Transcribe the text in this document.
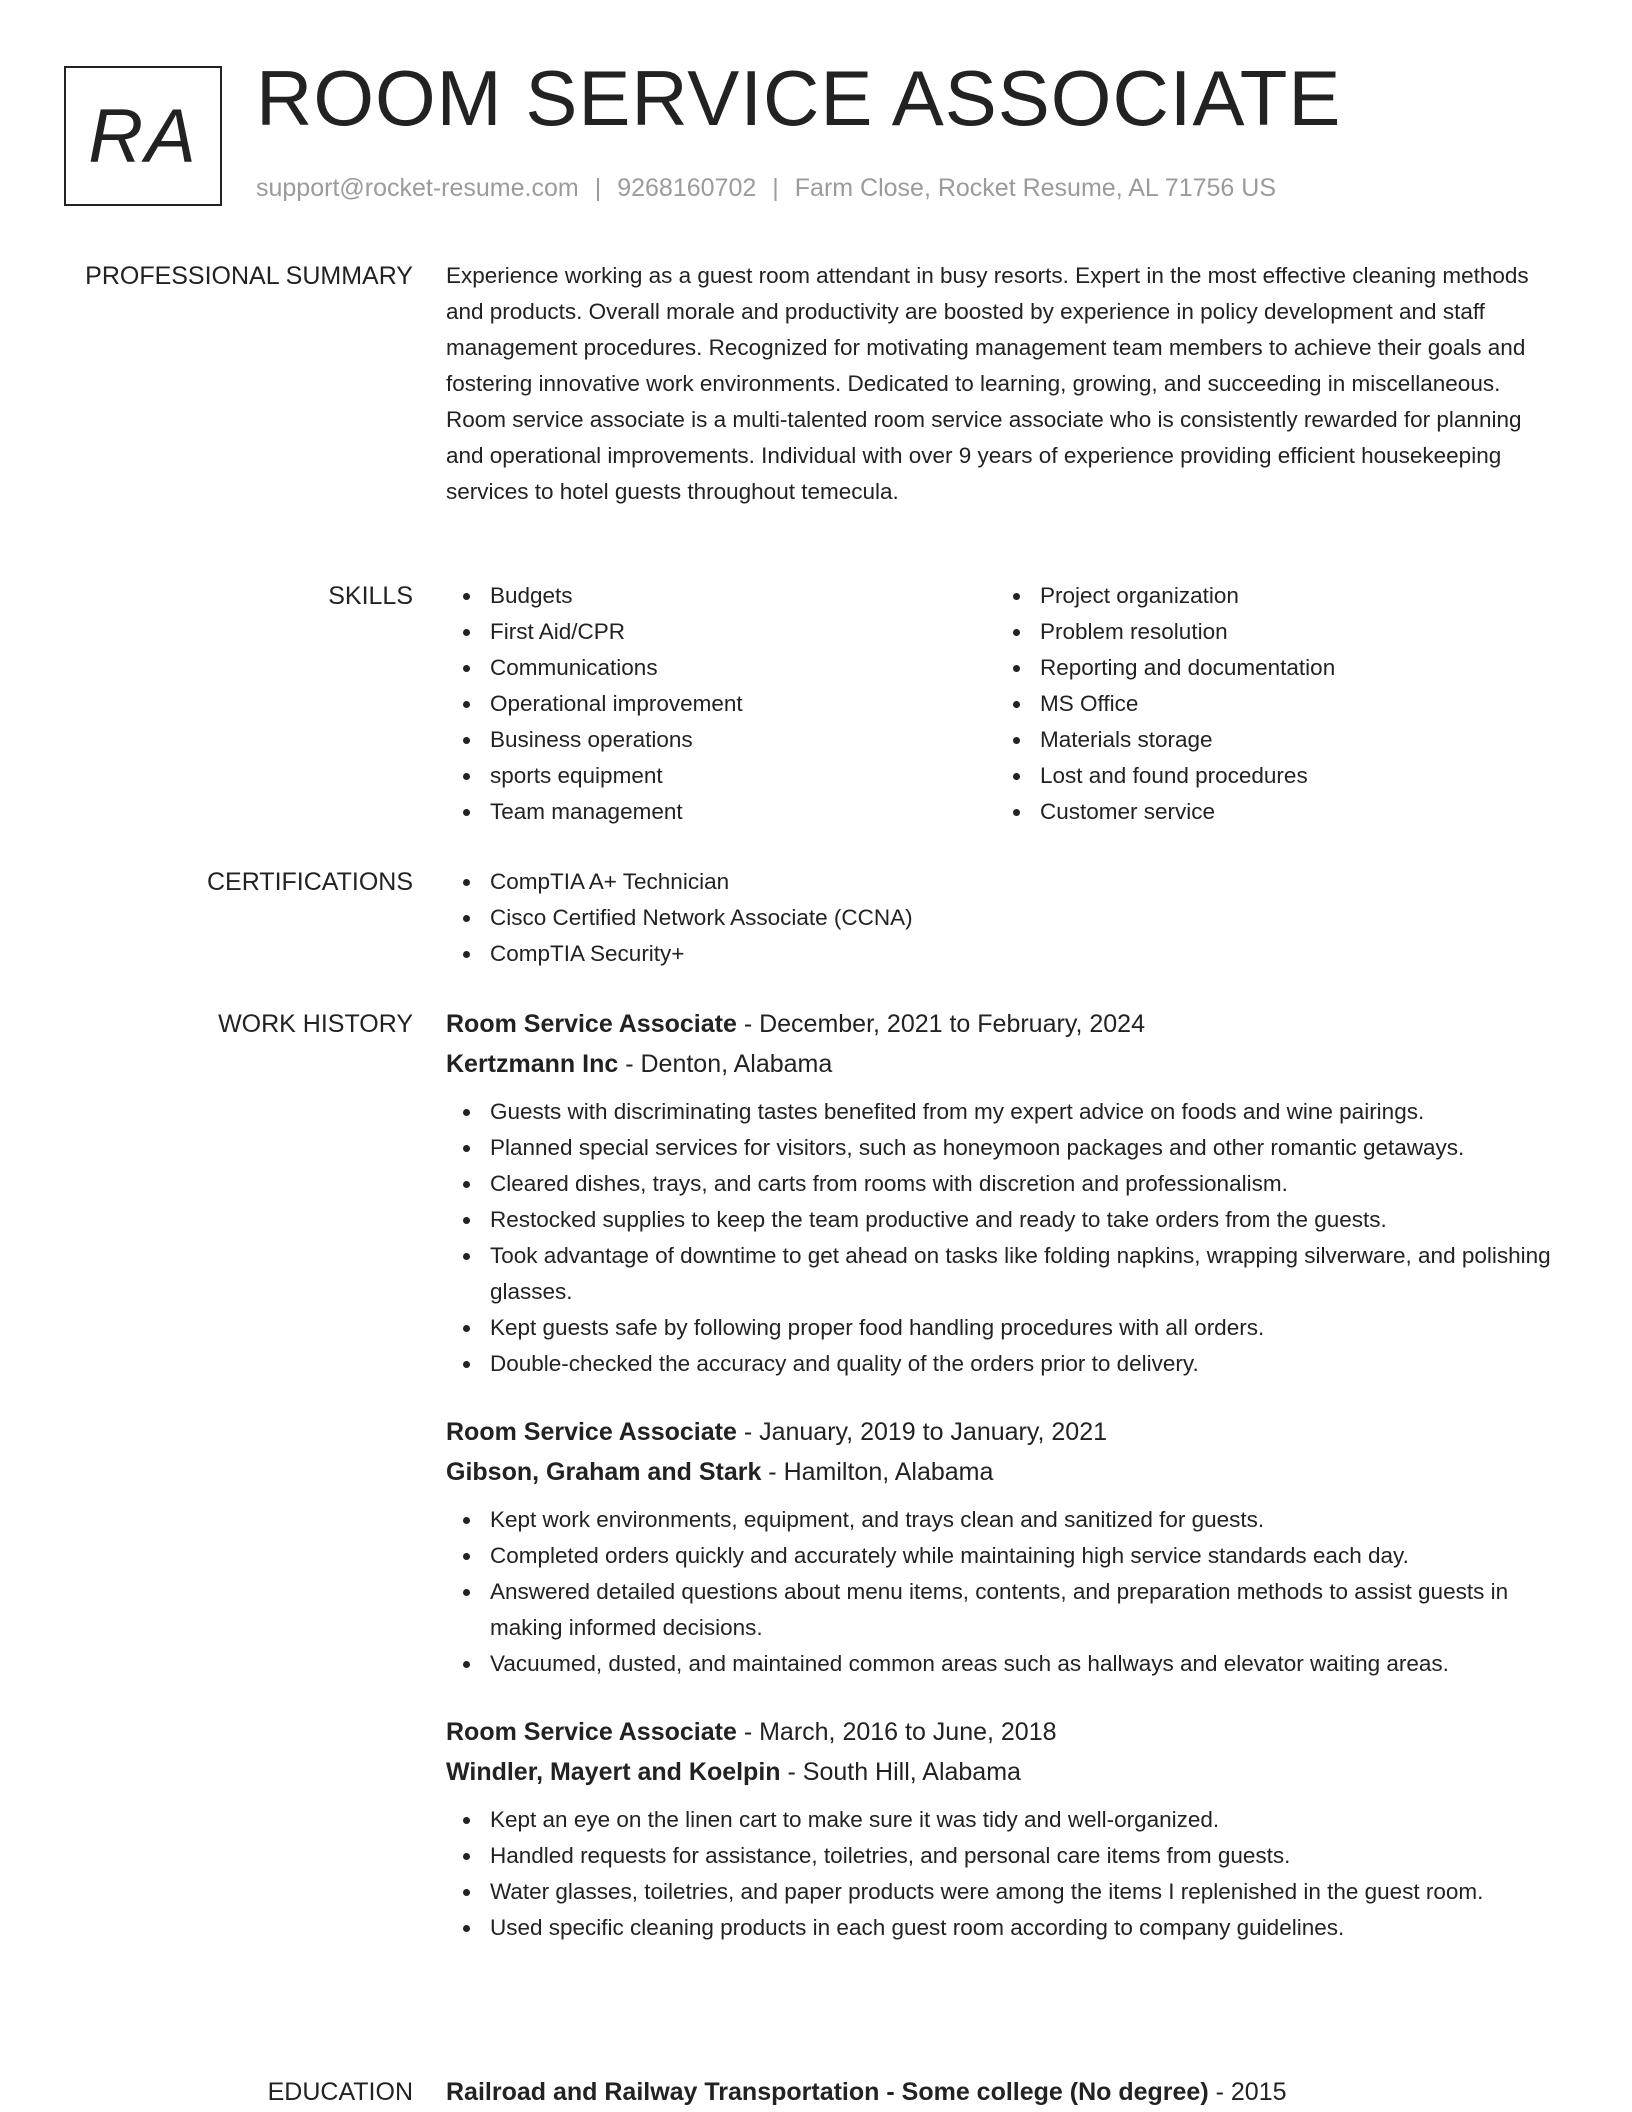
RA ROOM SERVICE ASSOCIATE
support@rocket-resume.com | 9268160702 | Farm Close, Rocket Resume, AL 71756 US
PROFESSIONAL SUMMARY Experience working as a guest room attendant in busy resorts. Expert in the most effective cleaning methods and products. Overall morale and productivity are boosted by experience in policy development and staff management procedures. Recognized for motivating management team members to achieve their goals and fostering innovative work environments. Dedicated to learning, growing, and succeeding in miscellaneous. Room service associate is a multi-talented room service associate who is consistently rewarded for planning and operational improvements. Individual with over 9 years of experience providing efficient housekeeping services to hotel guests throughout temecula.

SKILLS	Budgets
First Aid/CPR
Communications
Operational improvement
Business operations
sports equipment
Team management
Project organization
Problem resolution
Reporting and documentation
MS Office
Materials storage
Lost and found procedures
Customer service
CERTIFICATIONS	CompTIA A+ Technician
Cisco Certified Network Associate (CCNA)
CompTIA Security+
WORK HISTORY Room Service Associate - December, 2021 to February, 2024
Kertzmann Inc - Denton, Alabama
Guests with discriminating tastes benefited from my expert advice on foods and wine pairings.
Planned special services for visitors, such as honeymoon packages and other romantic getaways.
Cleared dishes, trays, and carts from rooms with discretion and professionalism.
Restocked supplies to keep the team productive and ready to take orders from the guests.
Took advantage of downtime to get ahead on tasks like folding napkins, wrapping silverware, and polishing glasses.
Kept guests safe by following proper food handling procedures with all orders.
Double-checked the accuracy and quality of the orders prior to delivery.
Room Service Associate - January, 2019 to January, 2021
Gibson, Graham and Stark - Hamilton, Alabama
Kept work environments, equipment, and trays clean and sanitized for guests.
Completed orders quickly and accurately while maintaining high service standards each day.
Answered detailed questions about menu items, contents, and preparation methods to assist guests in making informed decisions.
Vacuumed, dusted, and maintained common areas such as hallways and elevator waiting areas.
Room Service Associate - March, 2016 to June, 2018
Windler, Mayert and Koelpin - South Hill, Alabama
Kept an eye on the linen cart to make sure it was tidy and well-organized.
Handled requests for assistance, toiletries, and personal care items from guests.
Water glasses, toiletries, and paper products were among the items I replenished in the guest room.
Used specific cleaning products in each guest room according to company guidelines.
EDUCATION Railroad and Railway Transportation - Some college (No degree) - 2015
